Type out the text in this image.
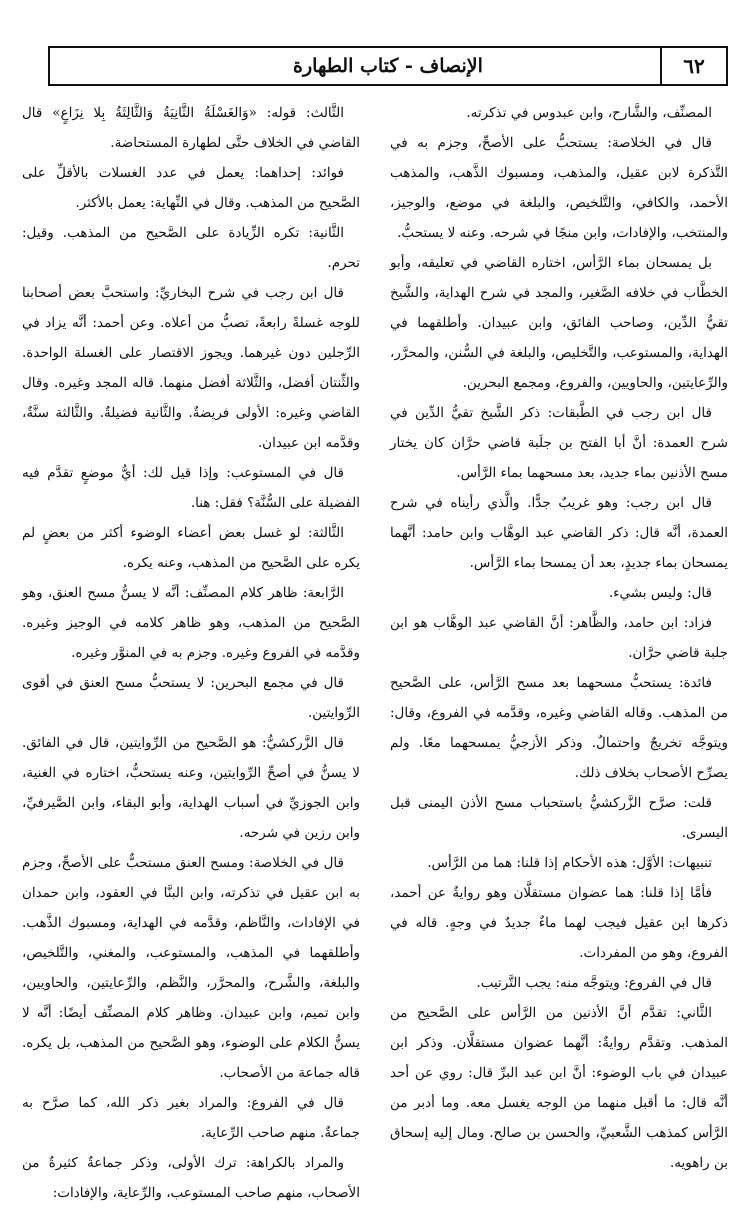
٦٢
الإنصاف - كتاب الطهارة

المصنِّف، والشَّارح، وابن عبدوس في تذكرته.

قال في الخلاصة: يستحبُّ على الأصحِّ، وجزم به في التَّذكرة لابن عقيل، والمذهب، ومسبوك الذَّهب، والمذهب الأحمد، والكافي، والتَّلخيص، والبلغة في موضع، والوجيز، والمنتخب، والإفادات، وابن منجًا في شرحه. وعنه لا يستحبُّ.

بل يمسحان بماء الرَّأس، اختاره القاضي في تعليقه، وأبو الخطَّاب في خلافه الصَّغير، والمجد في شرح الهداية، والشَّيخ تقيُّ الدِّين، وصاحب الفائق، وابن عبيدان. وأطلقهما في الهداية، والمستوعب، والتَّخليص، والبلغة في السُّنن، والمحرَّر، والرِّعايتين، والحاويين، والفروع، ومجمع البحرين.

قال ابن رجب في الطَّبقات: ذكر الشَّيخ تقيُّ الدِّين في شرح العمدة: أنَّ أبا الفتح بن جلَبة قاضي حرَّان كان يختار مسح الأذنين بماء جديد، بعد مسحهما بماء الرَّأس.

قال ابن رجب: وهو غريبٌ جدًّا. والَّذي رأيناه في شرح العمدة، أنَّه قال: ذكر القاضي عبد الوهَّاب وابن حامد: أنَّهما يمسحان بماء جديدٍ، بعد أن يمسحا بماء الرَّأس.

قال: وليس بشيء.

فزاد: ابن حامد، والظَّاهر: أنَّ القاضي عبد الوهَّاب هو ابن جلبة قاضي حرَّان.

فائدة: يستحبُّ مسحهما بعد مسح الرَّأس، على الصَّحيح من المذهب. وقاله القاضي وغيره، وقدَّمه في الفروع، وقال: ويتوجَّه تخريجٌ واحتمالٌ. وذكر الأزجيُّ يمسحهما معًا. ولم يصرِّح الأصحاب بخلاف ذلك.

قلت: صرَّح الزَّركشيُّ باستحباب مسح الأذن اليمنى قبل اليسرى.

تنبيهات: الأوَّل: هذه الأحكام إذا قلنا: هما من الرَّأس.

فأمَّا إذا قلنا: هما عضوان مستقلَّان وهو روايةٌ عن أحمد، ذكرها ابن عقيل فيجب لهما ماءٌ جديدٌ في وجهٍ. قاله في الفروع، وهو من المفردات.

قال في الفروع: ويتوجَّه منه: يجب التَّرتيب.

الثَّاني: تقدَّم أنَّ الأذنين من الرَّأس على الصَّحيح من المذهب. وتقدَّم روايةٌ: أنَّهما عضوان مستقلَّان. وذكر ابن عبيدان في باب الوضوء: أنَّ ابن عبد البرِّ قال: روي عن أحد أنَّه قال: ما أقبل منهما من الوجه يغسل معه. وما أدبر من الرَّأس كمذهب الشَّعبيِّ، والحسن بن صالح. ومال إليه إسحاق بن راهويه.

الثَّالث: قوله: «وَالغَسْلَةُ الثَّانِيَةُ وَالثَّالِثَةُ بِلا نِزَاعٍ» قال القاضي في الخلاف حتَّى لطهارة المستحاضة.

فوائد: إحداهما: يعمل في عدد الغسلات بالأقلِّ على الصَّحيح من المذهب. وقال في النِّهاية: يعمل بالأكثر.

الثَّانية: تكره الزِّيادة على الصَّحيح من المذهب. وقيل: تحرم.

قال ابن رجب في شرح البخاريِّ: واستحبَّ بعض أصحابنا للوجه غسلةً رابعةً، تصبُّ من أعلاه. وعن أحمد: أنَّه يزاد في الرِّجلين دون غيرهما. ويجوز الاقتصار على الغسلة الواحدة. والثِّنتان أفضل، والثَّلاثة أفضل منهما. قاله المجد وغيره. وقال القاضي وغيره: الأولى فريضةٌ. والثَّانية فضيلةٌ. والثَّالثة سنَّةٌ، وقدَّمه ابن عبيدان.

قال في المستوعب: وإذا قيل لك: أيُّ موضعٍ تقدَّم فيه الفضيلة على السُّنَّة؟ فقل: هنا.

الثَّالثة: لو غسل بعض أعضاء الوضوء أكثر من بعضٍ لم يكره على الصَّحيح من المذهب، وعنه يكره.

الرَّابعة: ظاهر كلام المصنِّف: أنَّه لا يسنُّ مسح العنق، وهو الصَّحيح من المذهب، وهو ظاهر كلامه في الوجيز وغيره. وقدَّمه في الفروع وغيره. وجزم به في المنوَّر وغيره.

قال في مجمع البحرين: لا يستحبُّ مسح العنق في أقوى الرِّوايتين.

قال الزَّركشيُّ: هو الصَّحيح من الرِّوايتين، قال في الفائق. لا يسنُّ في أصحِّ الرِّوايتين، وعنه يستحبُّ، اختاره في الغنية، وابن الجوزيِّ في أسباب الهداية، وأبو البقاء، وابن الصَّيرفيِّ، وابن رزين في شرحه.

قال في الخلاصة: ومسح العنق مستحبٌّ على الأصحِّ، وجزم به ابن عقيل في تذكرته، وابن البنَّا في العقود، وابن حمدان في الإفادات، والنَّاظم، وقدَّمه في الهداية، ومسبوك الذَّهب. وأطلقهما في المذهب، والمستوعب، والمغني، والتَّلخيص، والبلغة، والشَّرح، والمحرَّر، والنَّظم، والرِّعايتين، والحاويين، وابن تميم، وابن عبيدان. وظاهر كلام المصنِّف أيضًا: أنَّه لا يسنُّ الكلام على الوضوء، وهو الصَّحيح من المذهب، بل يكره. قاله جماعة من الأصحاب.

قال في الفروع: والمراد بغير ذكر الله، كما صرَّح به جماعةٌ. منهم صاحب الرِّعاية.

والمراد بالكراهة: ترك الأولى، وذكر جماعةٌ كثيرةٌ من الأصحاب، منهم صاحب المستوعب، والرِّعاية، والإفادات:
